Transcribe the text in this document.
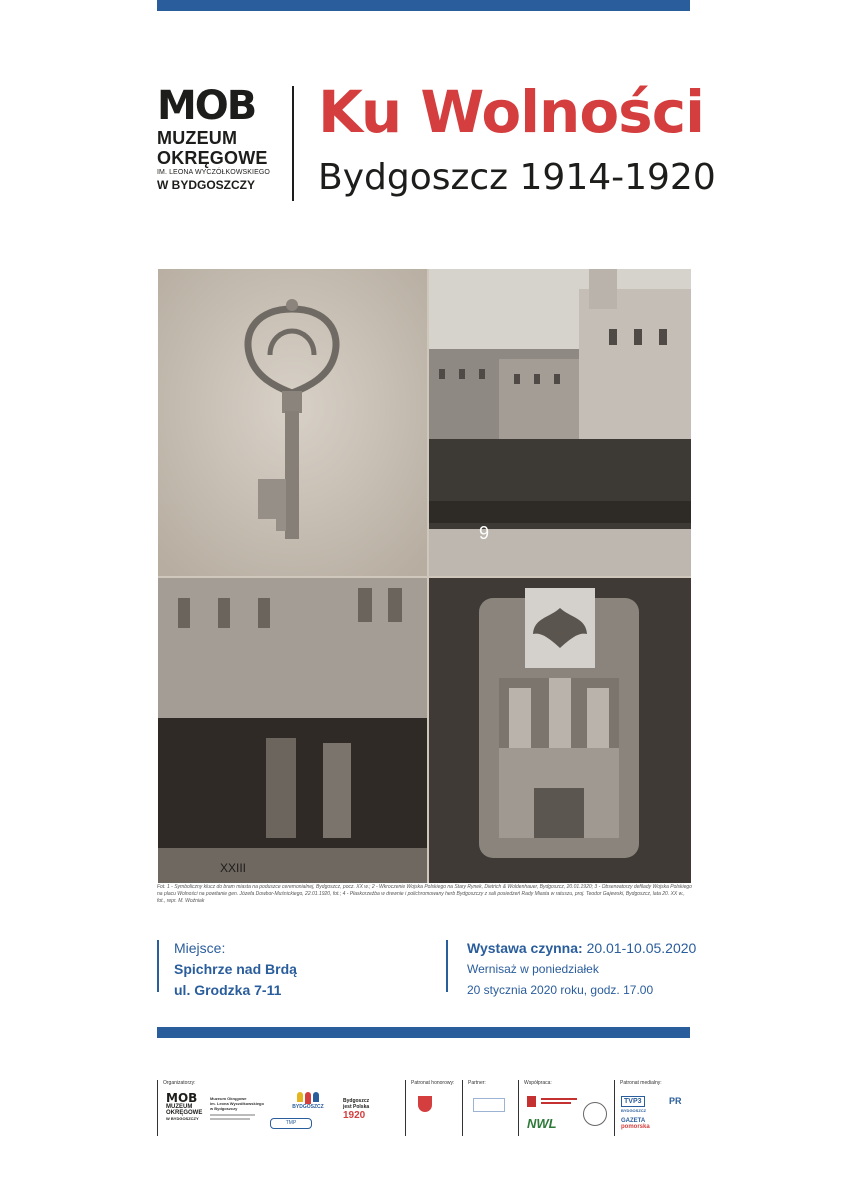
MOB
MUZEUM
OKRĘGOWE
IM. LEONA WYCZÓŁKOWSKIEGO
W BYDGOSZCZY
Ku Wolności
Bydgoszcz 1914-1920
9
XXIII
Fot. 1 - Symboliczny klucz do bram miasta na poduszce ceremonialnej, Bydgoszcz, pocz. XX w.; 2 - Wkroczenie Wojska Polskiego na Stary Rynek, Dietrich & Woldenhauer, Bydgoszcz, 20.01.1920; 3 - Obserwatorzy defilady Wojska Polskiego na placu Wolności na powitanie gen. Józefa Dowbor-Muśnickiego, 22.01.1920, fot.; 4 - Płaskorzeźba w drewnie i polichromowany herb Bydgoszczy z sali posiedzeń Rady Miasta w ratuszu, proj. Teodor Gajewski, Bydgoszcz, lata 20. XX w., fot., repr. M. Woźniak
Miejsce:
Spichrze nad Brdą
ul. Grodzka 7-11
Wystawa czynna: 20.01-10.05.2020
Wernisaż w poniedziałek
20 stycznia 2020 roku, godz. 17.00
Organizatorzy:
MOB
MUZEUM
OKRĘGOWE
W BYDGOSZCZY
Muzeum Okręgowe
im. Leona Wyczółkowskiego
w Bydgoszczy	BYDGOSZCZ
TMP
Bydgoszcz
jest Polska
1920
Patronat honorowy:	Partner:	Współpraca:
NWL
Patronat medialny:
TVP3
BYDGOSZCZ
PR
GAZETA
pomorska
